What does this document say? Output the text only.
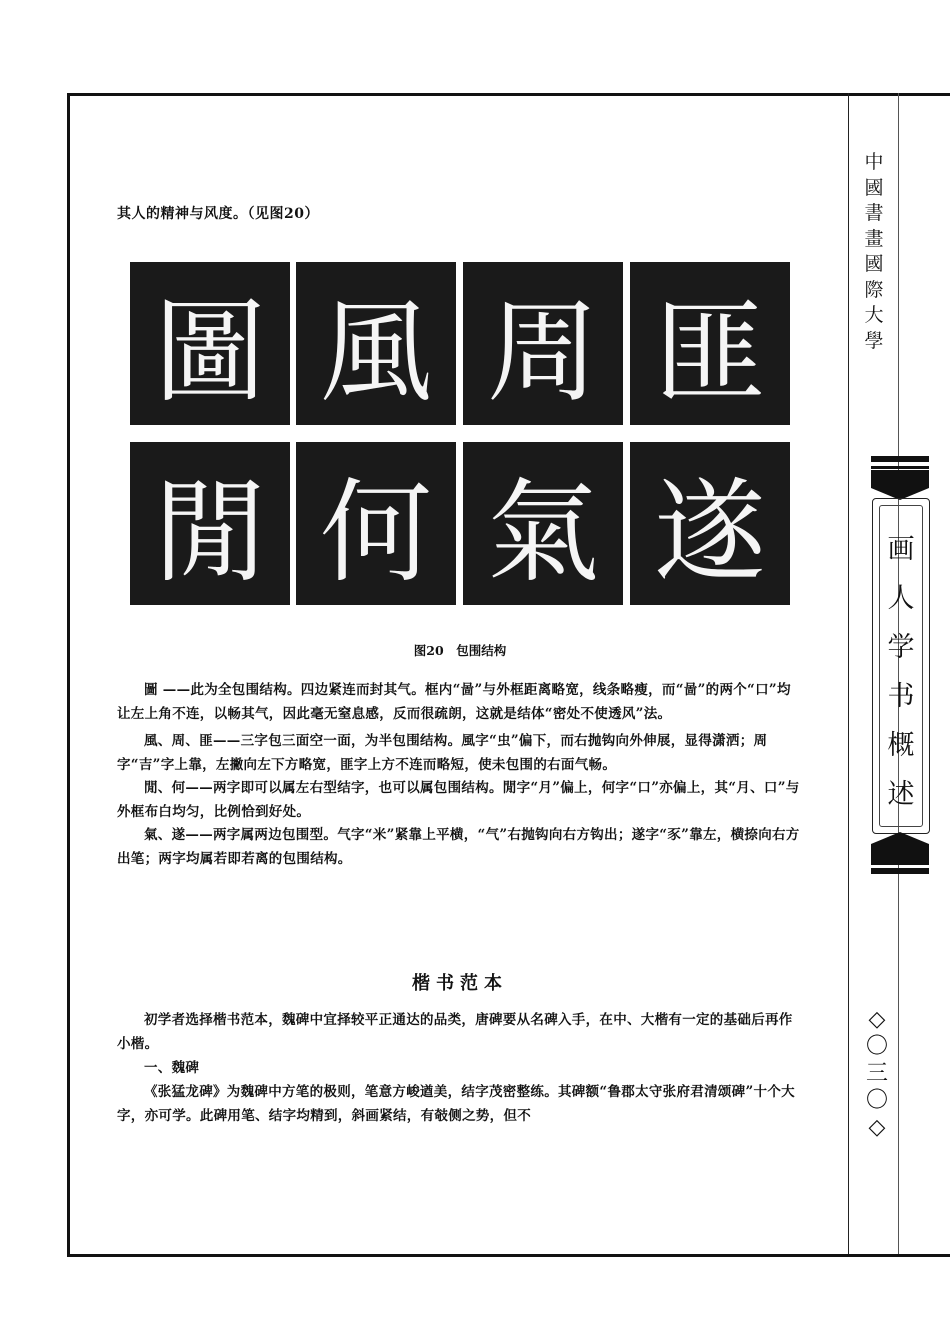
中
國
書
畫
國
際
大
學
画
人
学
书
概
述
◇
〇
三
〇
◇
其人的精神与风度。（见图20）
圖 風 周 匪
閒 何 氣 遂
图20　包围结构

圖 ——此为全包围结构。四边紧连而封其气。框内“啚”与外框距离略宽，线条略瘦，而“啚”的两个“口”均让左上角不连，以畅其气，因此毫无窒息感，反而很疏朗，这就是结体“密处不使透风”法。

風、周、匪——三字包三面空一面，为半包围结构。風字“虫”偏下，而右抛钩向外伸展，显得潇洒；周字“吉”字上靠，左撇向左下方略宽，匪字上方不连而略短，使未包围的右面气畅。

閒、何——两字即可以属左右型结字，也可以属包围结构。閒字“月”偏上，何字“口”亦偏上，其“月、口”与外框布白均匀，比例恰到好处。

氣、遂——两字属两边包围型。气字“米”紧靠上平横，“气”右抛钩向右方钩出；遂字“豕”靠左，横捺向右方出笔；两字均属若即若离的包围结构。

楷书范本

初学者选择楷书范本，魏碑中宜择较平正通达的品类，唐碑要从名碑入手，在中、大楷有一定的基础后再作小楷。

一、魏碑

《张猛龙碑》为魏碑中方笔的极则，笔意方峻遒美，结字茂密整练。其碑额“鲁郡太守张府君清颂碑”十个大字，亦可学。此碑用笔、结字均精到，斜画紧结，有攲侧之势，但不
